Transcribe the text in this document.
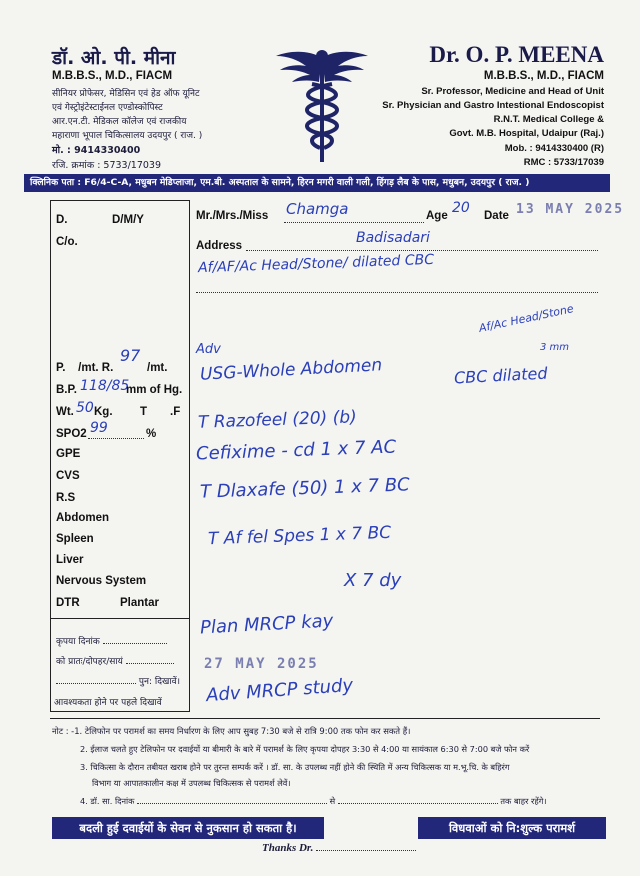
डॉ. ओ. पी. मीना
M.B.B.S., M.D., FIACM
सीनियर प्रोफेसर, मेडिसिन एवं हेड ऑफ यूनिट
एवं गेस्ट्रोइंटेस्टाईनल एण्डोस्कोपिस्ट
आर.एन.टी. मेडिकल कॉलेज एवं राजकीय
महाराणा भूपाल चिकित्सालय उदयपुर ( राज. )
मो. : 9414330400
रजि. क्रमांक : 5733/17039
Dr. O. P. MEENA
M.B.B.S., M.D., FIACM
Sr. Professor, Medicine and Head of Unit
Sr. Physician and Gastro Intestional Endoscopist
R.N.T. Medical College &
Govt. M.B. Hospital, Udaipur (Raj.)
Mob. : 9414330400 (R)
RMC : 5733/17039
क्लिनिक पता : F6/4-C-A, मधुबन मेडिप्लाजा, एम.बी. अस्पताल के सामने, हिरन मगरी वाली गली, हिंगड़ लैब के पास, मधुबन, उदयपुर ( राज. )
D.	D/M/Y
C/o.
P.    /mt. R.
97
/mt.
B.P. 118/85
mm of Hg.
Wt. 50 Kg. T .F
SPO2 99	%
GPE
CVS
R.S
Abdomen
Spleen
Liver
Nervous System
DTR	Plantar
कृपया दिनांक
को प्रातः/दोपहर/सायं
पुन: दिखावें।
आवश्यकता होने पर पहले दिखावें
Mr./Mrs./Miss Chamga	Age 20 Date 13 MAY 2025
Address	Badisadari
Af/AF/Ac Head/Stone/ dilated CBC
Af/Ac Head/Stone
3 mm
Adv
USG-Whole Abdomen	CBC dilated
T Razofeel (20) (b)
Cefixime - cd 1 x 7 AC
T Dlaxafe (50) 1 x 7 BC
T Af fel Spes 1 x 7 BC
X 7 dy
Plan MRCP kay
27 MAY 2025
Adv MRCP study
नोट : -1. टेलिफोन पर परामर्श का समय निर्धारण के लिए आप सुबह 7:30 बजे से रात्रि 9:00 तक फोन कर सकते हैं।
2. ईलाज चलते हुए टेलिफोन पर दवाईयों या बीमारी के बारे में परामर्श के लिए कृपया दोपहर 3:30 से 4:00 या सायंकाल 6:30 से 7:00 बजे फोन करें
3. चिकित्सा के दौरान तबीयत खराब होने पर तुरन्त सम्पर्क करें । डॉ. सा. के उपलब्ध नहीं होने की स्थिति में अन्य चिकित्सक या म.भू.चि. के बहिरंग
विभाग या आपातकालीन कक्ष में उपलब्ध चिकित्सक से परामर्श लेवें।
4. डॉ. सा. दिनांक	से	तक बाहर रहेंगे।
बदली हुई दवाईयों के सेवन से नुकसान हो सकता है।	विधवाओं को नि:शुल्क परामर्श
Thanks Dr.
